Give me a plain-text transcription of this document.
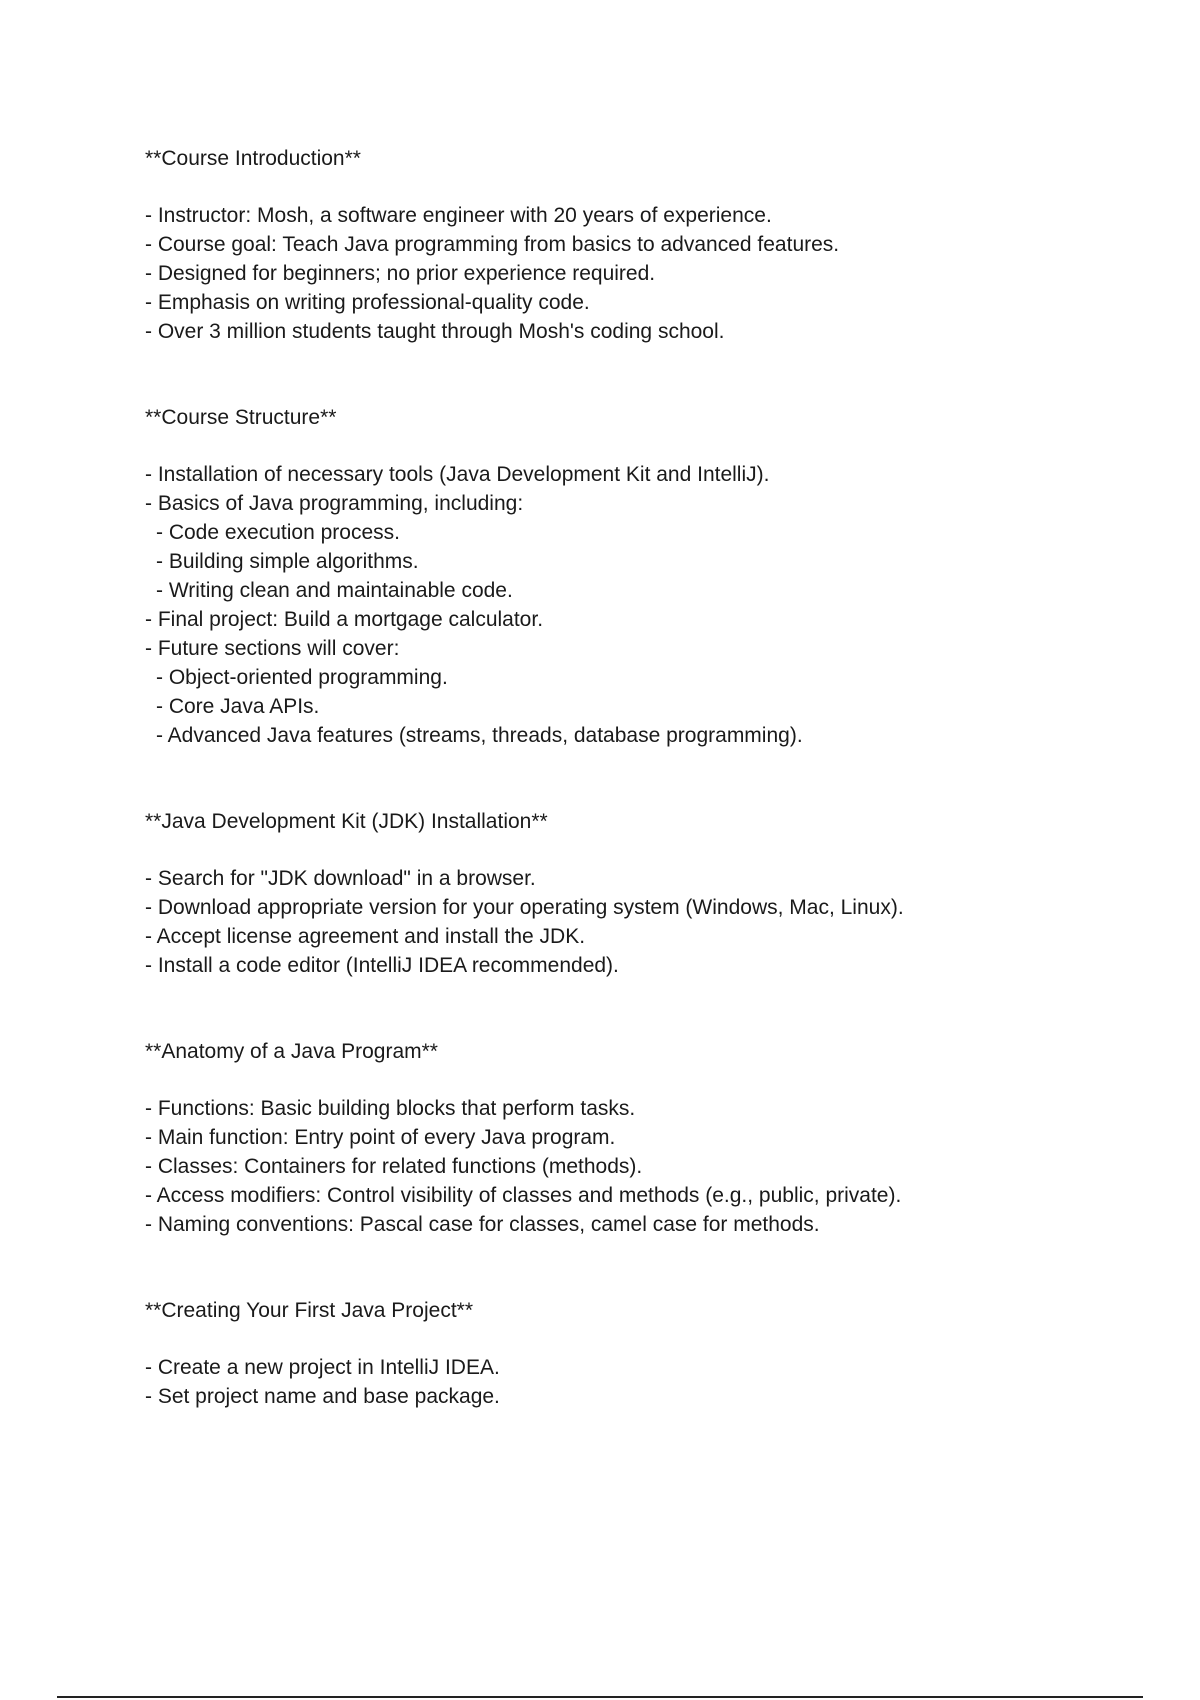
**Course Introduction**
- Instructor: Mosh, a software engineer with 20 years of experience.
- Course goal: Teach Java programming from basics to advanced features.
- Designed for beginners; no prior experience required.
- Emphasis on writing professional-quality code.
- Over 3 million students taught through Mosh's coding school.
**Course Structure**
- Installation of necessary tools (Java Development Kit and IntelliJ).
- Basics of Java programming, including:
- Code execution process.
- Building simple algorithms.
- Writing clean and maintainable code.
- Final project: Build a mortgage calculator.
- Future sections will cover:
- Object-oriented programming.
- Core Java APIs.
- Advanced Java features (streams, threads, database programming).
**Java Development Kit (JDK) Installation**
- Search for "JDK download" in a browser.
- Download appropriate version for your operating system (Windows, Mac, Linux).
- Accept license agreement and install the JDK.
- Install a code editor (IntelliJ IDEA recommended).
**Anatomy of a Java Program**
- Functions: Basic building blocks that perform tasks.
- Main function: Entry point of every Java program.
- Classes: Containers for related functions (methods).
- Access modifiers: Control visibility of classes and methods (e.g., public, private).
- Naming conventions: Pascal case for classes, camel case for methods.
**Creating Your First Java Project**
- Create a new project in IntelliJ IDEA.
- Set project name and base package.
